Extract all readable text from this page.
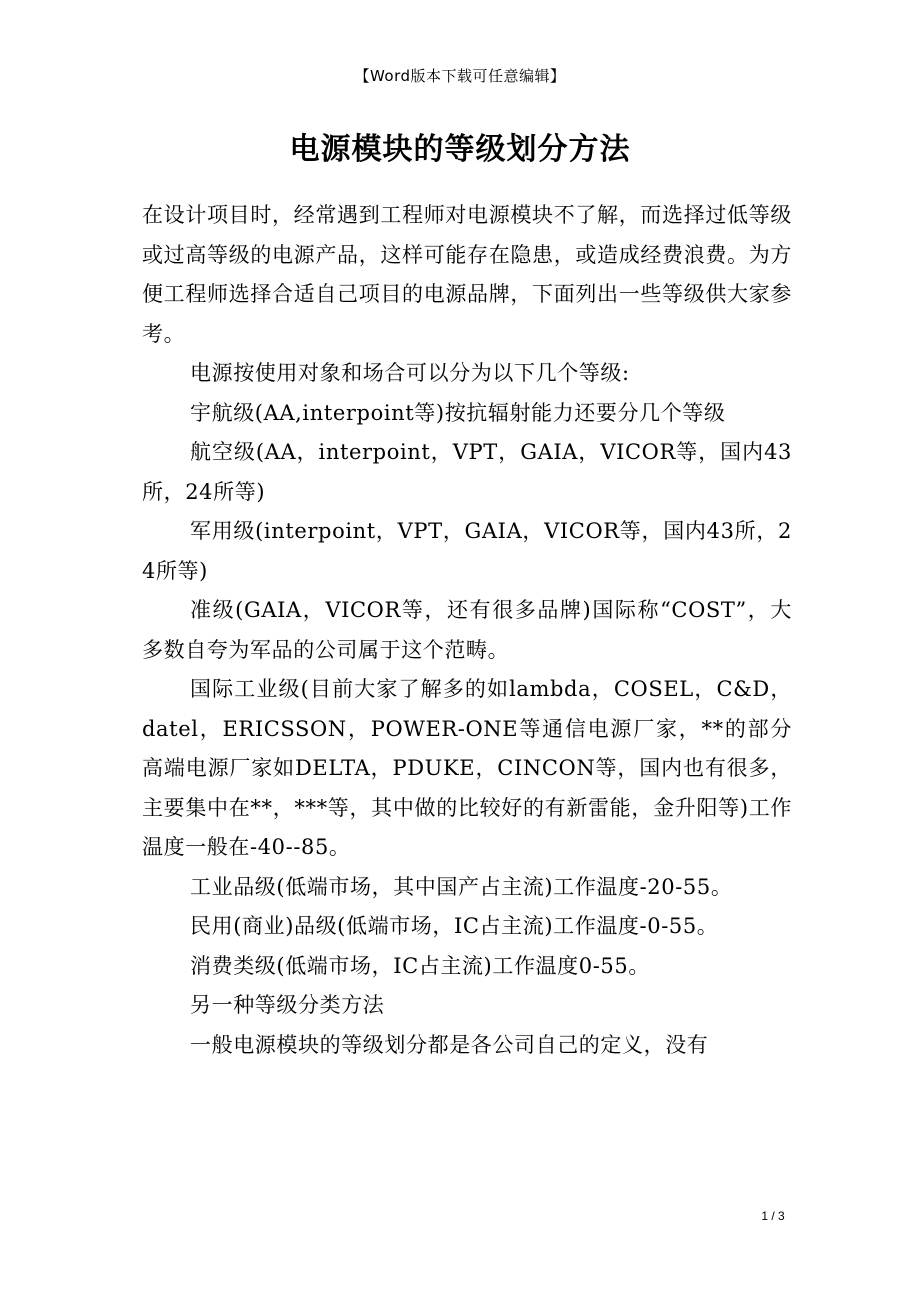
【Word版本下载可任意编辑】
电源模块的等级划分方法

在设计项目时，经常遇到工程师对电源模块不了解，而选择过低等级或过高等级的电源产品，这样可能存在隐患，或造成经费浪费。为方便工程师选择合适自己项目的电源品牌，下面列出一些等级供大家参考。

电源按使用对象和场合可以分为以下几个等级:

宇航级(AA,interpoint等)按抗辐射能力还要分几个等级

航空级(AA，interpoint，VPT，GAIA，VICOR等，国内43所，24所等)

军用级(interpoint，VPT，GAIA，VICOR等，国内43所，24所等)

准级(GAIA，VICOR等，还有很多品牌)国际称“COST”，大多数自夸为军品的公司属于这个范畴。

国际工业级(目前大家了解多的如lambda，COSEL，C&D，datel，ERICSSON，POWER-ONE等通信电源厂家，**的部分高端电源厂家如DELTA，PDUKE，CINCON等，国内也有很多，主要集中在**，***等，其中做的比较好的有新雷能，金升阳等)工作温度一般在-40--85。

工业品级(低端市场，其中国产占主流)工作温度-20-55。

民用(商业)品级(低端市场，IC占主流)工作温度-0-55。

消费类级(低端市场，IC占主流)工作温度0-55。

另一种等级分类方法

一般电源模块的等级划分都是各公司自己的定义，没有

1 / 3
